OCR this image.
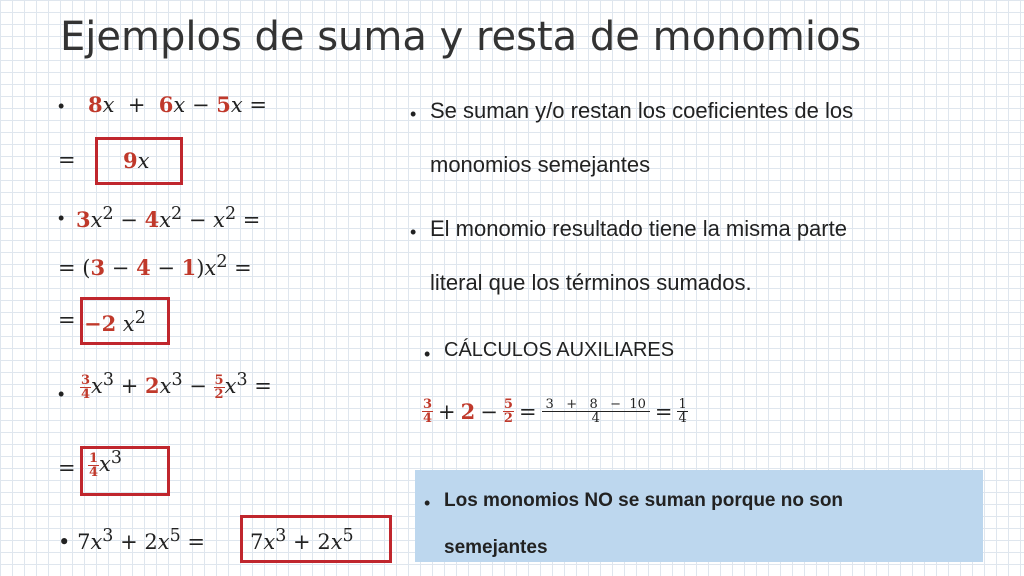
Ejemplos de suma y resta de monomios
• 8x + 6x − 5x =
= 9x
• $3x^2 - 4x^2 - x^2$ =
= $(3 - 4 - 1)x^2$ =
= −2 $x^2$
• $\frac{3}{4} x^3 + 2x^3 - \frac{5}{2} x^3$ =
= $\frac{1}{4} x^3$
• $7x^3 + 2x^5 = 7x^3 + 2x^5$
• Se suman y/o restan los coeficientes de los
monomios semejantes
• El monomio resultado tiene la misma parte
literal que los términos sumados.
• CÁLCULOS AUXILIARES
$\frac{3}{4} + 2 - \frac{5}{2} = \frac{3 + 8 - 10}{4} = \frac{1}{4}$
• Los monomios NO se suman porque no son
semejantes
